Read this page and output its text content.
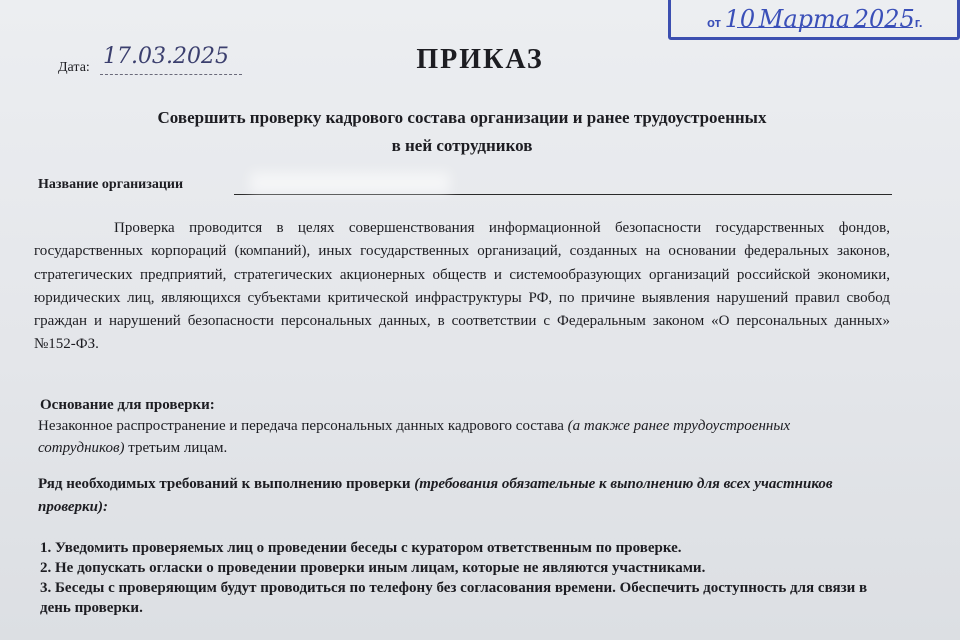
от 10 Марта 2025г.
Дата: 17.03.2025	ПРИКАЗ
Совершить проверку кадрового состава организации и ранее трудоустроенных
в ней сотрудников
Название организации
Проверка проводится в целях совершенствования информационной безопасности государственных фондов, государственных корпораций (компаний), иных государственных организаций, созданных на основании федеральных законов, стратегических предприятий, стратегических акционерных обществ и системообразующих организаций российской экономики, юридических лиц, являющихся субъектами критической инфраструктуры РФ, по причине выявления нарушений правил свобод граждан и нарушений безопасности персональных данных, в соответствии с Федеральным законом «О персональных данных» №152-ФЗ.
Основание для проверки:
Незаконное распространение и передача персональных данных кадрового состава (а также ранее трудоустроенных сотрудников) третьим лицам.
Ряд необходимых требований к выполнению проверки (требования обязательные к выполнению для всех участников проверки):
1. Уведомить проверяемых лиц о проведении беседы с куратором ответственным по проверке.
2. Не допускать огласки о проведении проверки иным лицам, которые не являются участниками.
3. Беседы с проверяющим будут проводиться по телефону без согласования времени. Обеспечить доступность для связи в день проверки.
